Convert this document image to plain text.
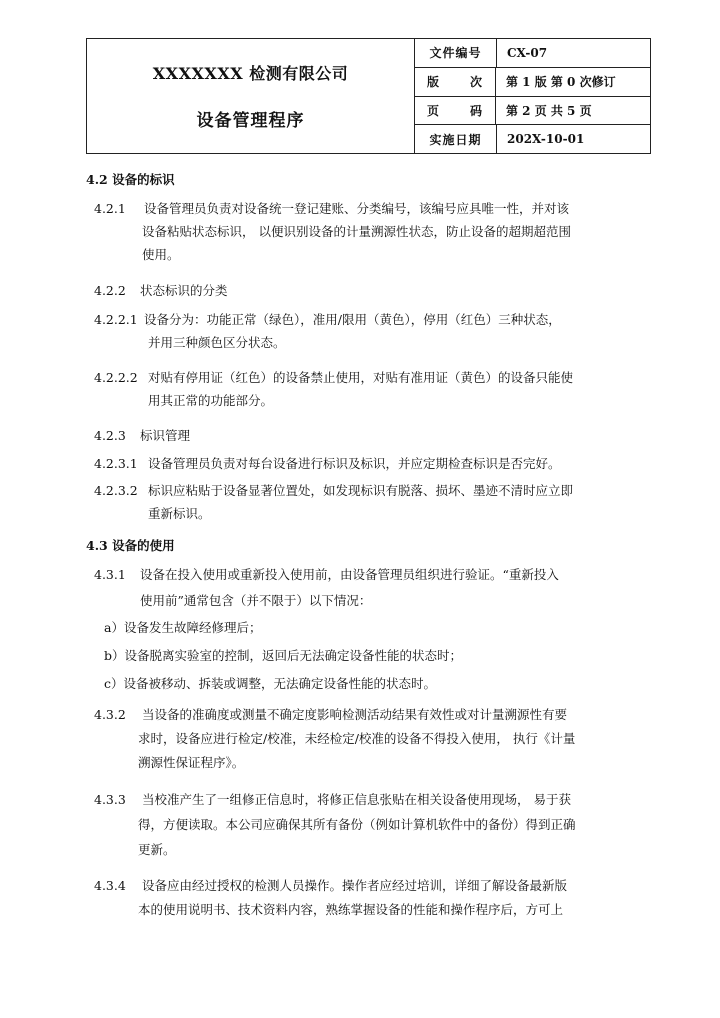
XXXXXXX 检测有限公司
设备管理程序
文件编号	CX-07
版 次	第 1 版 第 0 次修订
页 码	第 2 页 共 5 页
实施日期	202X-10-01
4.2 设备的标识
4.2.1 设备管理员负责对设备统一登记建账、分类编号，该编号应具唯一性，并对该
设备粘贴状态标识， 以便识别设备的计量溯源性状态，防止设备的超期超范围
使用。
4.2.2 状态标识的分类
4.2.2.1 设备分为：功能正常（绿色），准用/限用（黄色），停用（红色）三种状态，
并用三种颜色区分状态。
4.2.2.2 对贴有停用证（红色）的设备禁止使用，对贴有准用证（黄色）的设备只能使
用其正常的功能部分。
4.2.3 标识管理
4.2.3.1 设备管理员负责对每台设备进行标识及标识，并应定期检查标识是否完好。
4.2.3.2 标识应粘贴于设备显著位置处，如发现标识有脱落、损坏、墨迹不清时应立即
重新标识。
4.3 设备的使用
4.3.1 设备在投入使用或重新投入使用前，由设备管理员组织进行验证。“重新投入
使用前”通常包含（并不限于）以下情况：
a）设备发生故障经修理后；
b）设备脱离实验室的控制，返回后无法确定设备性能的状态时；
c）设备被移动、拆装或调整，无法确定设备性能的状态时。
4.3.2 当设备的准确度或测量不确定度影响检测活动结果有效性或对计量溯源性有要
求时，设备应进行检定/校准，未经检定/校准的设备不得投入使用， 执行《计量
溯源性保证程序》。
4.3.3 当校准产生了一组修正信息时，将修正信息张贴在相关设备使用现场， 易于获
得，方便读取。本公司应确保其所有备份（例如计算机软件中的备份）得到正确
更新。
4.3.4 设备应由经过授权的检测人员操作。操作者应经过培训，详细了解设备最新版
本的使用说明书、技术资料内容，熟练掌握设备的性能和操作程序后，方可上
